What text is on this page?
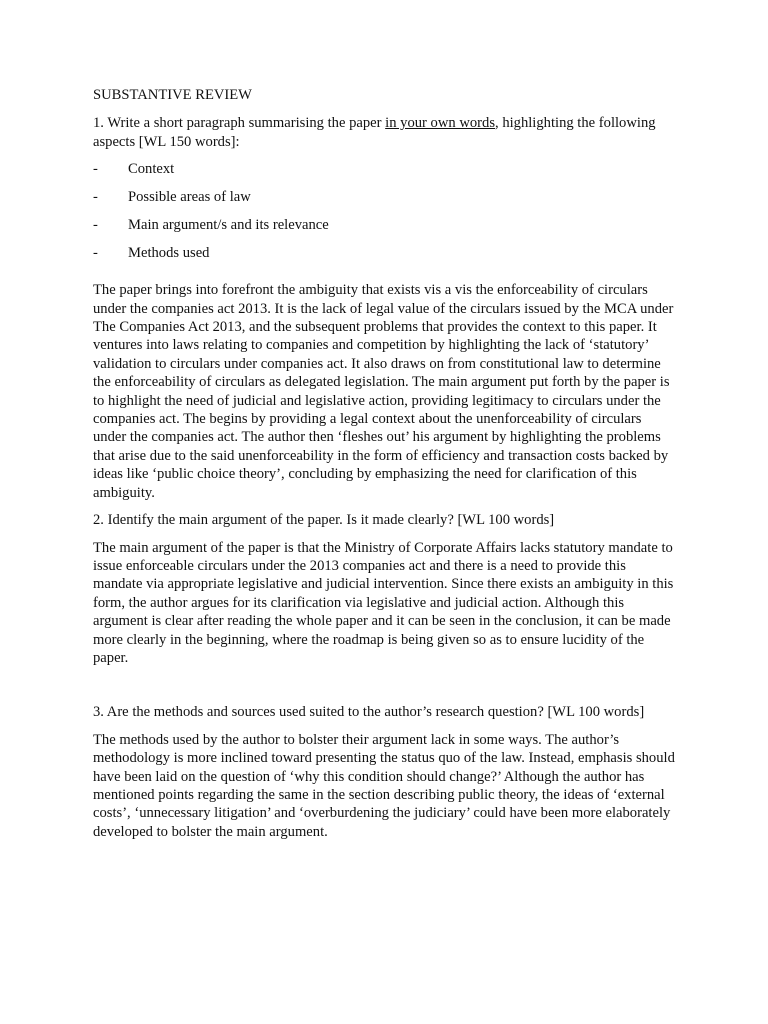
SUBSTANTIVE REVIEW

1. Write a short paragraph summarising the paper in your own words, highlighting the following aspects [WL 150 words]:

-	Context
-	Possible areas of law
-	Main argument/s and its relevance
-	Methods used

The paper brings into forefront the ambiguity that exists vis a vis the enforceability of circulars under the companies act 2013. It is the lack of legal value of the circulars issued by the MCA under The Companies Act 2013, and the subsequent problems that provides the context to this paper. It ventures into laws relating to companies and competition by highlighting the lack of ‘statutory’ validation to circulars under companies act. It also draws on from constitutional law to determine the enforceability of circulars as delegated legislation. The main argument put forth by the paper is to highlight the need of judicial and legislative action, providing legitimacy to circulars under the companies act. The begins by providing a legal context about the unenforceability of circulars under the companies act. The author then ‘fleshes out’ his argument by highlighting the problems that arise due to the said unenforceability in the form of efficiency and transaction costs backed by ideas like ‘public choice theory’, concluding by emphasizing the need for clarification of this ambiguity.

2. Identify the main argument of the paper. Is it made clearly? [WL 100 words]

The main argument of the paper is that the Ministry of Corporate Affairs lacks statutory mandate to issue enforceable circulars under the 2013 companies act and there is a need to provide this mandate via appropriate legislative and judicial intervention. Since there exists an ambiguity in this form, the author argues for its clarification via legislative and judicial action. Although this argument is clear after reading the whole paper and it can be seen in the conclusion, it can be made more clearly in the beginning, where the roadmap is being given so as to ensure lucidity of the paper.

3. Are the methods and sources used suited to the author’s research question? [WL 100 words]

The methods used by the author to bolster their argument lack in some ways. The author’s methodology is more inclined toward presenting the status quo of the law. Instead, emphasis should have been laid on the question of ‘why this condition should change?’ Although the author has mentioned points regarding the same in the section describing public theory, the ideas of ‘external costs’, ‘unnecessary litigation’ and ‘overburdening the judiciary’ could have been more elaborately developed to bolster the main argument.
